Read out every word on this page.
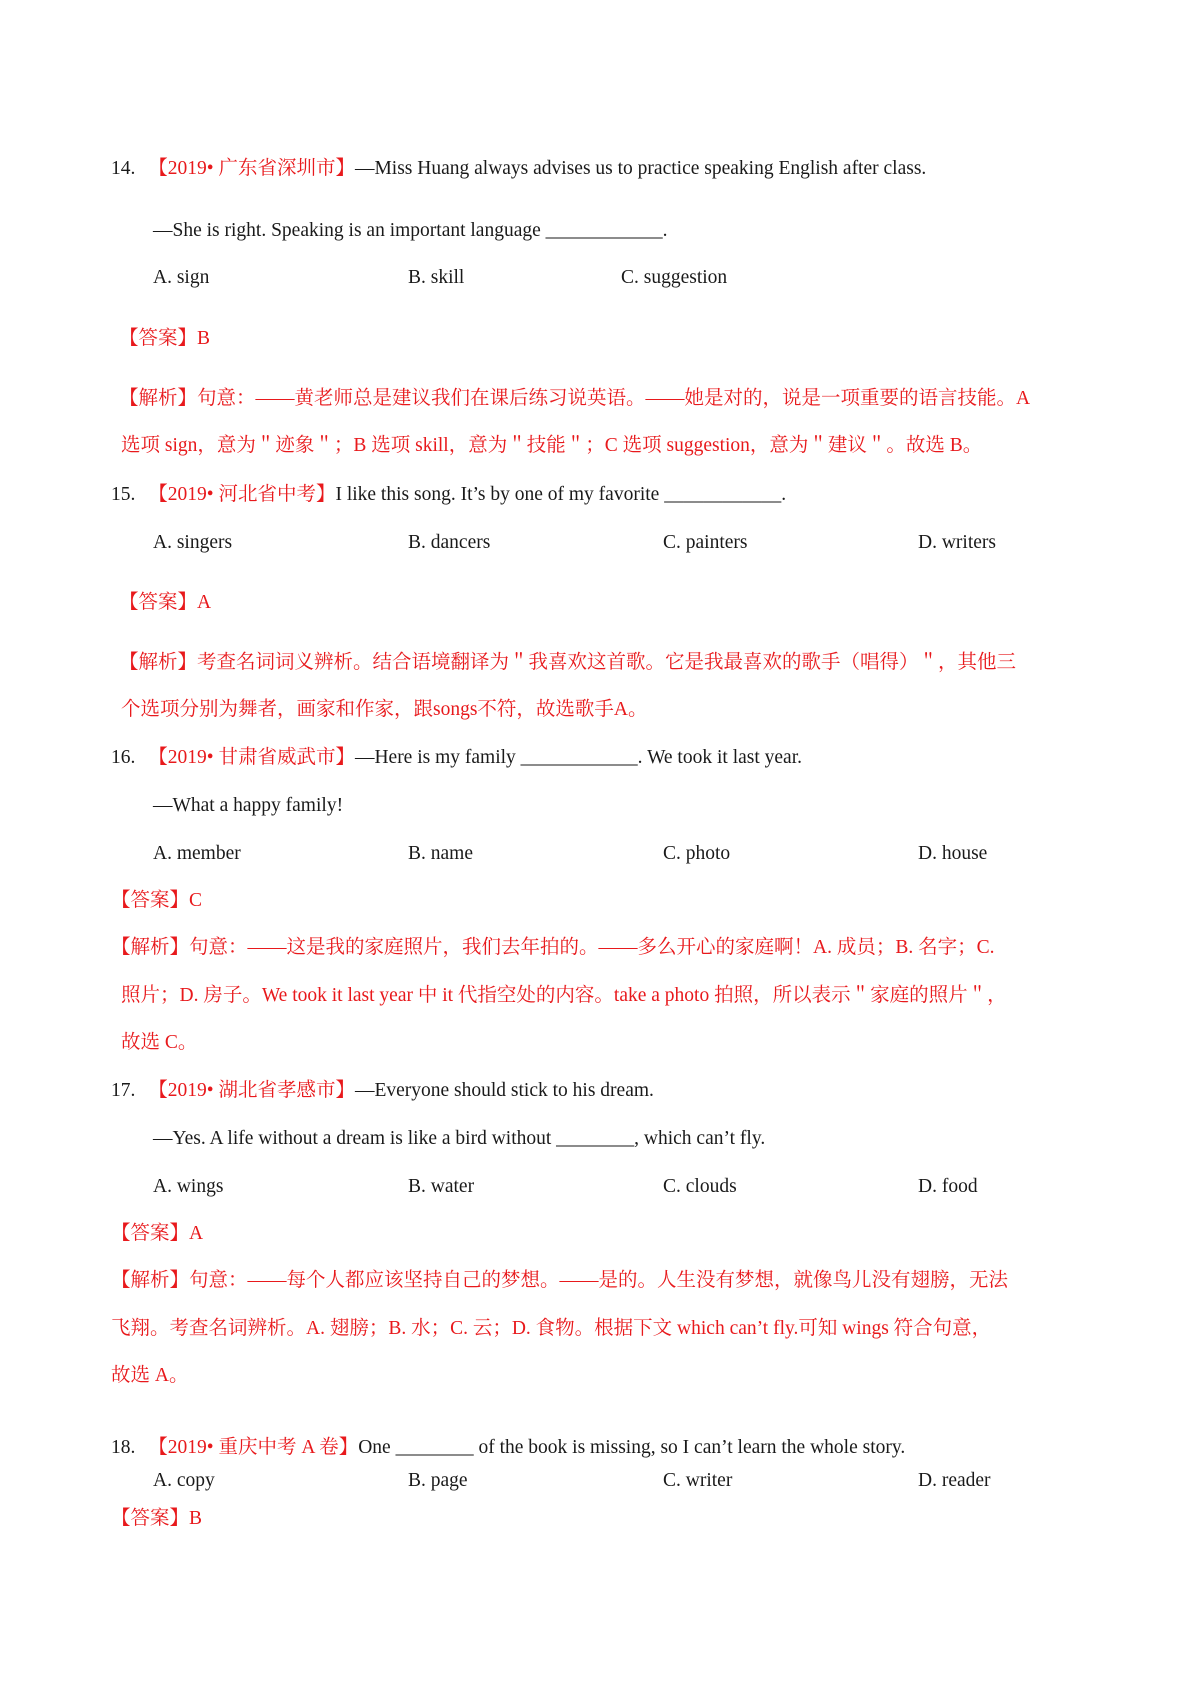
14. 【2019• 广东省深圳市】—Miss Huang always advises us to practice speaking English after class.
—She is right. Speaking is an important language ____________.
A. sign	B. skill	C. suggestion
【答案】B
【解析】句意：——黄老师总是建议我们在课后练习说英语。——她是对的，说是一项重要的语言技能。A
选项 sign，意为＂迹象＂；B 选项 skill，意为＂技能＂；C 选项 suggestion，意为＂建议＂。故选 B。
15. 【2019• 河北省中考】I like this song. It’s by one of my favorite ____________.
A. singers	B. dancers	C. painters	D. writers
【答案】A
【解析】考查名词词义辨析。结合语境翻译为＂我喜欢这首歌。它是我最喜欢的歌手（唱得）＂，其他三
个选项分别为舞者，画家和作家，跟songs不符，故选歌手A。
16. 【2019• 甘肃省威武市】—Here is my family ____________. We took it last year.
—What a happy family!
A. member	B. name	C. photo	D. house
【答案】C
【解析】句意：——这是我的家庭照片，我们去年拍的。——多么开心的家庭啊！A. 成员；B. 名字；C.
照片；D. 房子。We took it last year 中 it 代指空处的内容。take a photo 拍照，所以表示＂家庭的照片＂，
故选 C。
17. 【2019• 湖北省孝感市】—Everyone should stick to his dream.
—Yes. A life without a dream is like a bird without ________, which can’t fly.
A. wings	B. water	C. clouds	D. food
【答案】A
【解析】句意：——每个人都应该坚持自己的梦想。——是的。人生没有梦想，就像鸟儿没有翅膀，无法
飞翔。考查名词辨析。A. 翅膀；B. 水；C. 云；D. 食物。根据下文 which can’t fly.可知 wings 符合句意，
故选 A。
18. 【2019• 重庆中考 A 卷】One ________ of the book is missing, so I can’t learn the whole story.
A. copy	B. page	C. writer	D. reader
【答案】B
